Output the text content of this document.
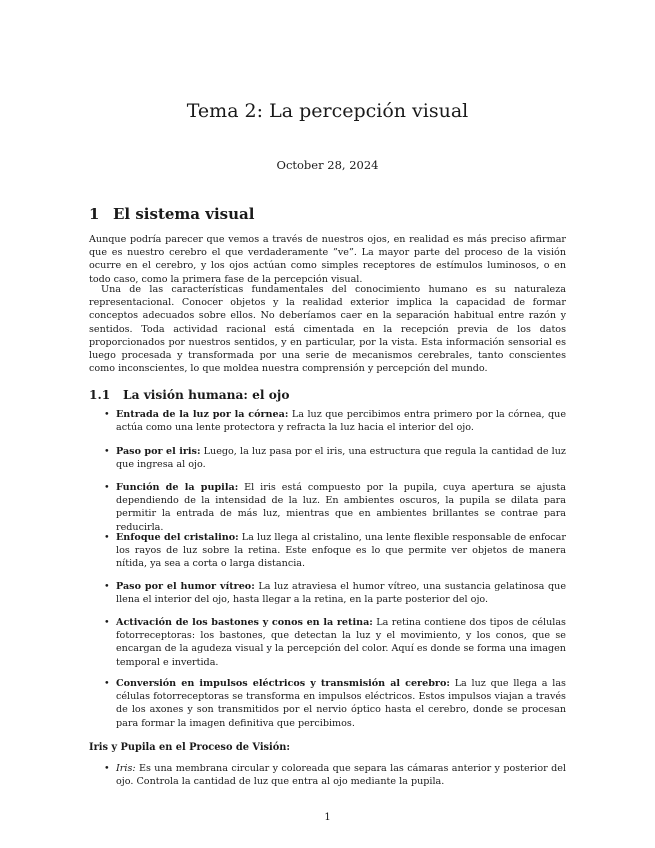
Tema 2: La percepción visual
October 28, 2024
1 El sistema visual
Aunque podría parecer que vemos a través de nuestros ojos, en realidad es más preciso afirmar que es nuestro cerebro el que verdaderamente ”ve”. La mayor parte del proceso de la visión ocurre en el cerebro, y los ojos actúan como simples receptores de estímulos luminosos, o en todo caso, como la primera fase de la percepción visual.
Una de las características fundamentales del conocimiento humano es su naturaleza representacional. Conocer objetos y la realidad exterior implica la capacidad de formar conceptos adecuados sobre ellos. No deberíamos caer en la separación habitual entre razón y sentidos. Toda actividad racional está cimentada en la recepción previa de los datos proporcionados por nuestros sentidos, y en particular, por la vista. Esta información sensorial es luego procesada y transformada por una serie de mecanismos cerebrales, tanto conscientes como inconscientes, lo que moldea nuestra comprensión y percepción del mundo.
1.1 La visión humana: el ojo
• Entrada de la luz por la córnea: La luz que percibimos entra primero por la córnea, que actúa como una lente protectora y refracta la luz hacia el interior del ojo.
• Paso por el iris: Luego, la luz pasa por el iris, una estructura que regula la cantidad de luz que ingresa al ojo.
• Función de la pupila: El iris está compuesto por la pupila, cuya apertura se ajusta dependiendo de la intensidad de la luz. En ambientes oscuros, la pupila se dilata para permitir la entrada de más luz, mientras que en ambientes brillantes se contrae para reducirla.
• Enfoque del cristalino: La luz llega al cristalino, una lente flexible responsable de enfocar los rayos de luz sobre la retina. Este enfoque es lo que permite ver objetos de manera nítida, ya sea a corta o larga distancia.
• Paso por el humor vítreo: La luz atraviesa el humor vítreo, una sustancia gelatinosa que llena el interior del ojo, hasta llegar a la retina, en la parte posterior del ojo.
• Activación de los bastones y conos en la retina: La retina contiene dos tipos de células fotorreceptoras: los bastones, que detectan la luz y el movimiento, y los conos, que se encargan de la agudeza visual y la percepción del color. Aquí es donde se forma una imagen temporal e invertida.
• Conversión en impulsos eléctricos y transmisión al cerebro: La luz que llega a las células fotorreceptoras se transforma en impulsos eléctricos. Estos impulsos viajan a través de los axones y son transmitidos por el nervio óptico hasta el cerebro, donde se procesan para formar la imagen definitiva que percibimos.
Iris y Pupila en el Proceso de Visión:
• Iris: Es una membrana circular y coloreada que separa las cámaras anterior y posterior del ojo. Controla la cantidad de luz que entra al ojo mediante la pupila.
1
